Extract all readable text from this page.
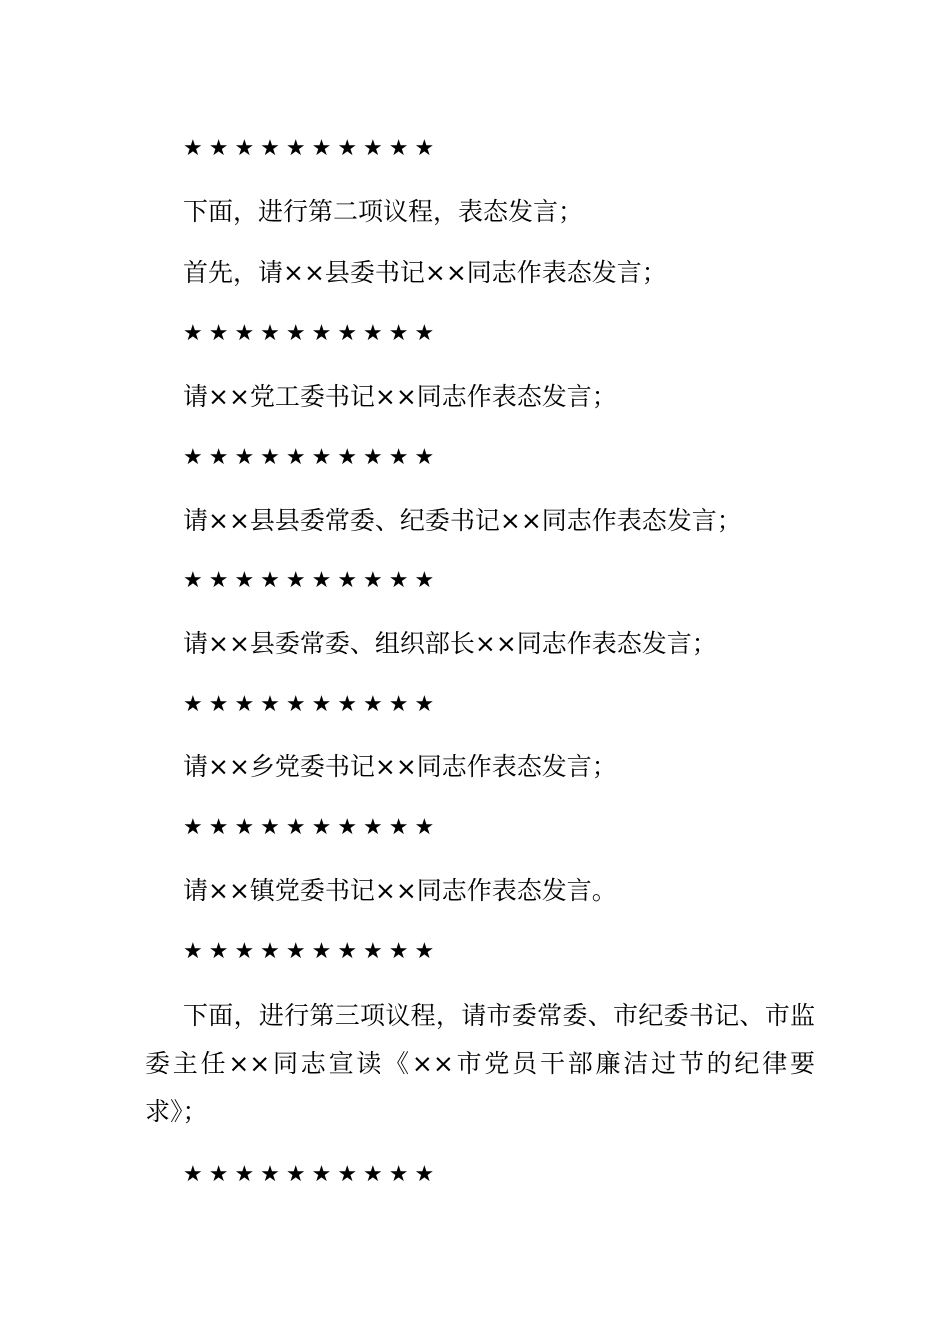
★★★★★★★★★★
下面，进行第二项议程，表态发言；
首先，请××县委书记××同志作表态发言；
★★★★★★★★★★
请××党工委书记××同志作表态发言；
★★★★★★★★★★
请××县县委常委、纪委书记××同志作表态发言；
★★★★★★★★★★
请××县委常委、组织部长××同志作表态发言；
★★★★★★★★★★
请××乡党委书记××同志作表态发言；
★★★★★★★★★★
请××镇党委书记××同志作表态发言。
★★★★★★★★★★
下面，进行第三项议程，请市委常委、市纪委书记、市监委主任××同志宣读《××市党员干部廉洁过节的纪律要求》；
★★★★★★★★★★
